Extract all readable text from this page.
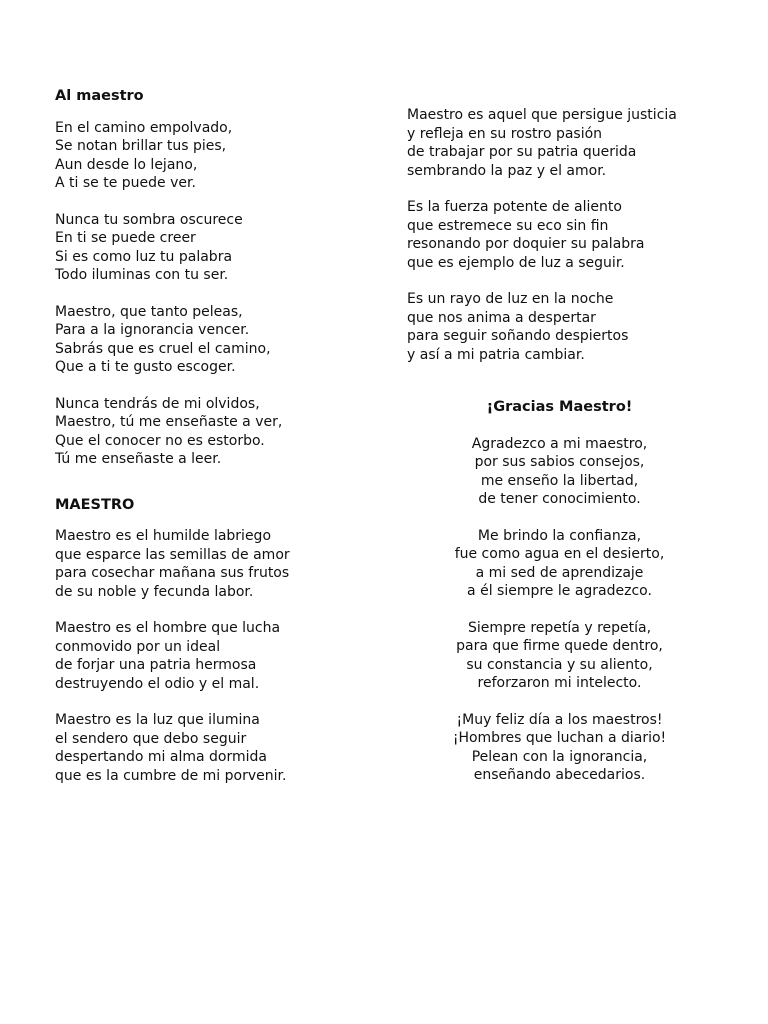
Al maestro
En el camino empolvado,
Se notan brillar tus pies,
Aun desde lo lejano,
A ti se te puede ver.
Nunca tu sombra oscurece
En ti se puede creer
Si es como luz tu palabra
Todo iluminas con tu ser.
Maestro, que tanto peleas,
Para a la ignorancia vencer.
Sabrás que es cruel el camino,
Que a ti te gusto escoger.
Nunca tendrás de mi olvidos,
Maestro, tú me enseñaste a ver,
Que el conocer no es estorbo.
Tú me enseñaste a leer.
MAESTRO
Maestro es el humilde labriego
que esparce las semillas de amor
para cosechar mañana sus frutos
de su noble y fecunda labor.
Maestro es el hombre que lucha
conmovido por un ideal
de forjar una patria hermosa
destruyendo el odio y el mal.
Maestro es la luz que ilumina
el sendero que debo seguir
despertando mi alma dormida
que es la cumbre de mi porvenir.
Maestro es aquel que persigue justicia
y refleja en su rostro pasión
de trabajar por su patria querida
sembrando la paz y el amor.
Es la fuerza potente de aliento
que estremece su eco sin fin
resonando por doquier su palabra
que es ejemplo de luz a seguir.
Es un rayo de luz en la noche
que nos anima a despertar
para seguir soñando despiertos
y así a mi patria cambiar.
¡Gracias Maestro!
Agradezco a mi maestro,
por sus sabios consejos,
me enseño la libertad,
de tener conocimiento.
Me brindo la confianza,
fue como agua en el desierto,
a mi sed de aprendizaje
a él siempre le agradezco.
Siempre repetía y repetía,
para que firme quede dentro,
su constancia y su aliento,
reforzaron mi intelecto.
¡Muy feliz día a los maestros!
¡Hombres que luchan a diario!
Pelean con la ignorancia,
enseñando abecedarios.
